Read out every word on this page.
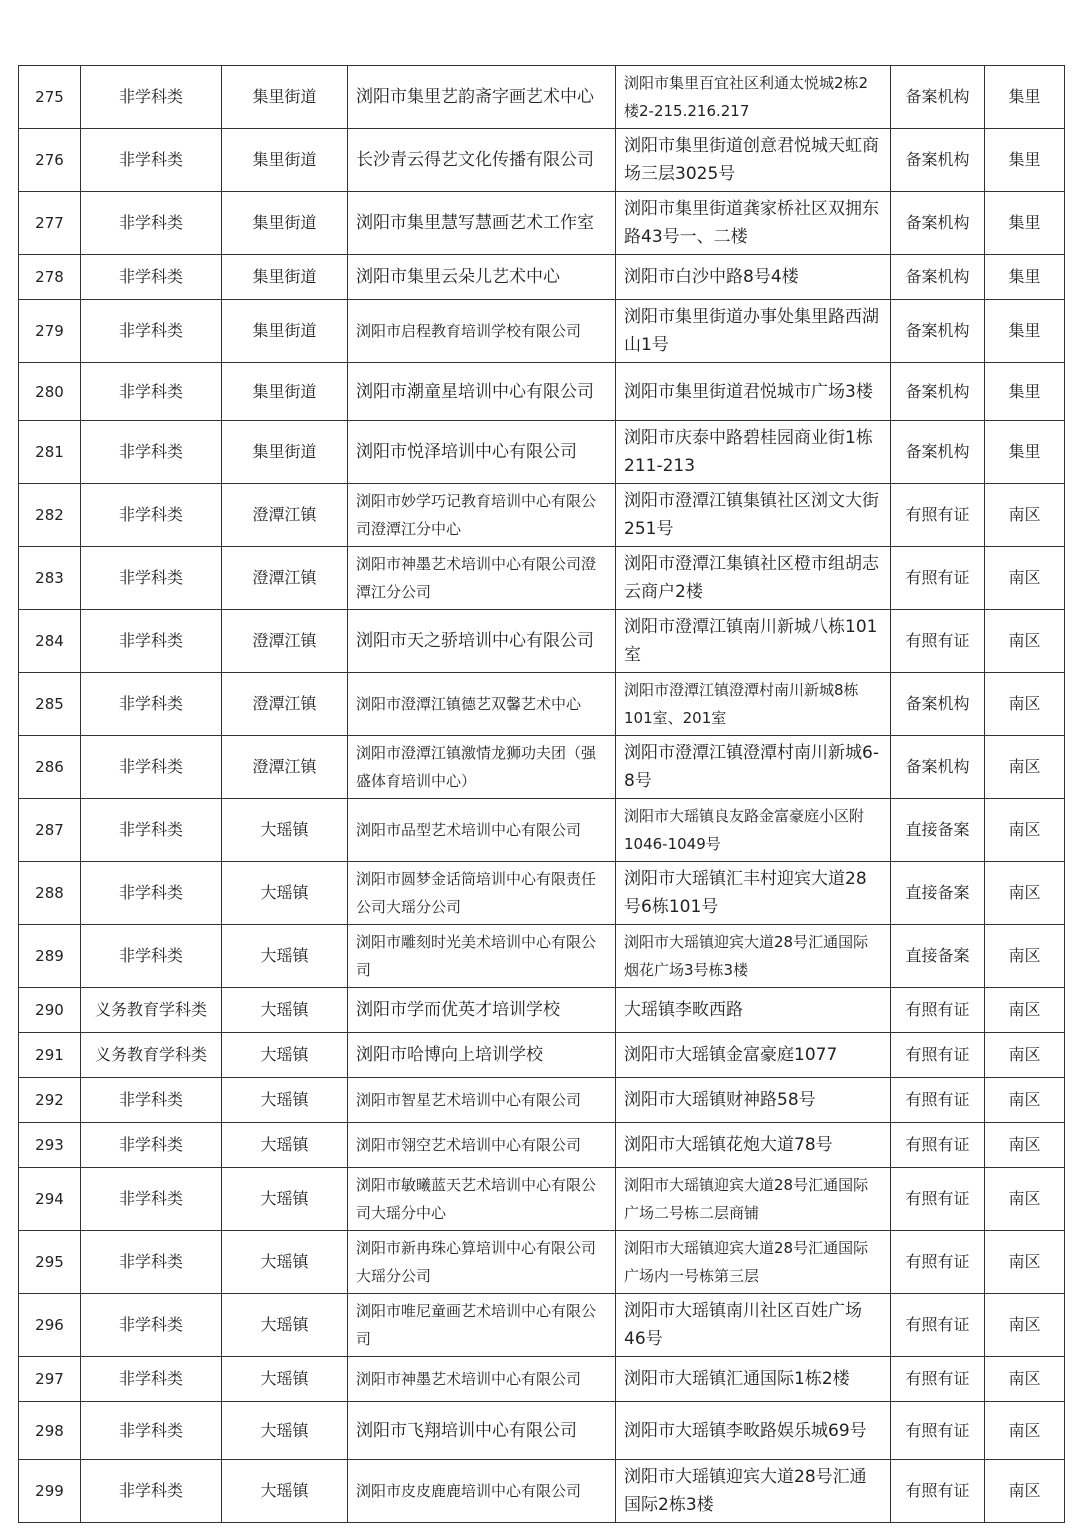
275	非学科类	集里街道	浏阳市集里艺韵斋字画艺术中心	浏阳市集里百宜社区利通太悦城2栋2楼2-215.216.217	备案机构	集里
276	非学科类	集里街道	长沙青云得艺文化传播有限公司	浏阳市集里街道创意君悦城天虹商场三层3025号	备案机构	集里
277	非学科类	集里街道	浏阳市集里慧写慧画艺术工作室	浏阳市集里街道龚家桥社区双拥东路43号一、二楼	备案机构	集里
278	非学科类	集里街道	浏阳市集里云朵儿艺术中心	浏阳市白沙中路8号4楼	备案机构	集里
279	非学科类	集里街道	浏阳市启程教育培训学校有限公司	浏阳市集里街道办事处集里路西湖山1号	备案机构	集里
280	非学科类	集里街道	浏阳市潮童星培训中心有限公司	浏阳市集里街道君悦城市广场3楼	备案机构	集里
281	非学科类	集里街道	浏阳市悦泽培训中心有限公司	浏阳市庆泰中路碧桂园商业街1栋211-213	备案机构	集里
282	非学科类	澄潭江镇	浏阳市妙学巧记教育培训中心有限公司澄潭江分中心	浏阳市澄潭江镇集镇社区浏文大街251号	有照有证	南区
283	非学科类	澄潭江镇	浏阳市神墨艺术培训中心有限公司澄潭江分公司	浏阳市澄潭江集镇社区橙市组胡志云商户2楼	有照有证	南区
284	非学科类	澄潭江镇	浏阳市天之骄培训中心有限公司	浏阳市澄潭江镇南川新城八栋101室	有照有证	南区
285	非学科类	澄潭江镇	浏阳市澄潭江镇德艺双馨艺术中心	浏阳市澄潭江镇澄潭村南川新城8栋101室、201室	备案机构	南区
286	非学科类	澄潭江镇	浏阳市澄潭江镇激情龙狮功夫团（强盛体育培训中心）	浏阳市澄潭江镇澄潭村南川新城6-8号	备案机构	南区
287	非学科类	大瑶镇	浏阳市品型艺术培训中心有限公司	浏阳市大瑶镇良友路金富豪庭小区附1046-1049号	直接备案	南区
288	非学科类	大瑶镇	浏阳市圆梦金话筒培训中心有限责任公司大瑶分公司	浏阳市大瑶镇汇丰村迎宾大道28号6栋101号	直接备案	南区
289	非学科类	大瑶镇	浏阳市雕刻时光美术培训中心有限公司	浏阳市大瑶镇迎宾大道28号汇通国际烟花广场3号栋3楼	直接备案	南区
290	义务教育学科类	大瑶镇	浏阳市学而优英才培训学校	大瑶镇李畋西路	有照有证	南区
291	义务教育学科类	大瑶镇	浏阳市哈博向上培训学校	浏阳市大瑶镇金富豪庭1077	有照有证	南区
292	非学科类	大瑶镇	浏阳市智星艺术培训中心有限公司	浏阳市大瑶镇财神路58号	有照有证	南区
293	非学科类	大瑶镇	浏阳市翎空艺术培训中心有限公司	浏阳市大瑶镇花炮大道78号	有照有证	南区
294	非学科类	大瑶镇	浏阳市敏曦蓝天艺术培训中心有限公司大瑶分中心	浏阳市大瑶镇迎宾大道28号汇通国际广场二号栋二层商铺	有照有证	南区
295	非学科类	大瑶镇	浏阳市新冉珠心算培训中心有限公司大瑶分公司	浏阳市大瑶镇迎宾大道28号汇通国际广场内一号栋第三层	有照有证	南区
296	非学科类	大瑶镇	浏阳市唯尼童画艺术培训中心有限公司	浏阳市大瑶镇南川社区百姓广场46号	有照有证	南区
297	非学科类	大瑶镇	浏阳市神墨艺术培训中心有限公司	浏阳市大瑶镇汇通国际1栋2楼	有照有证	南区
298	非学科类	大瑶镇	浏阳市飞翔培训中心有限公司	浏阳市大瑶镇李畋路娱乐城69号	有照有证	南区
299	非学科类	大瑶镇	浏阳市皮皮鹿鹿培训中心有限公司	浏阳市大瑶镇迎宾大道28号汇通国际2栋3楼	有照有证	南区
